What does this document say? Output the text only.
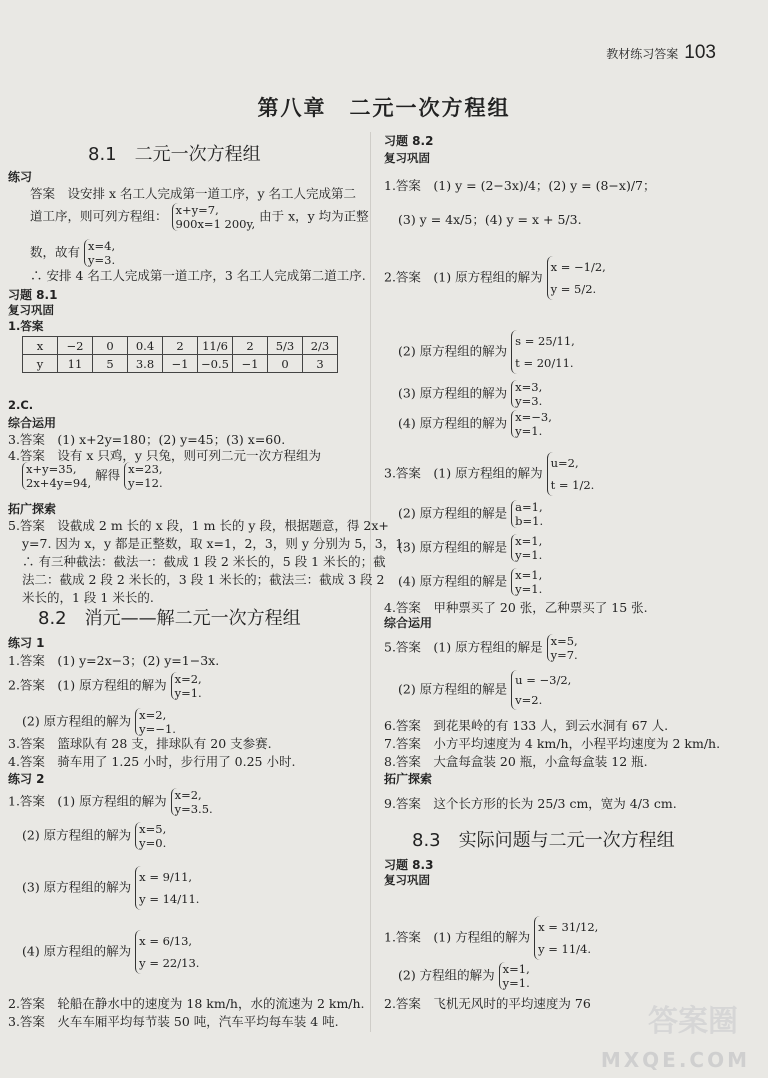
教材练习答案 103
第八章　二元一次方程组
8.1　二元一次方程组
练习
答案　设安排 x 名工人完成第一道工序，y 名工人完成第二
道工序，则可列方程组： x+y=7,
900x=1 200y, 由于 x，y 均为正整
数，故有 x=4,
y=3.
∴ 安排 4 名工人完成第一道工序，3 名工人完成第二道工序.
习题 8.1
复习巩固
1.答案
x	−2	0	0.4	2	11/6	2	5/3	2/3
y	11	5	3.8	−1	−0.5	−1	0	3
2.C.
综合运用
3.答案　(1) x+2y=180；(2) y=45；(3) x=60.
4.答案　设有 x 只鸡，y 只兔，则可列二元一次方程组为
x+y=35,
2x+4y=94, 解得 x=23,
y=12.
拓广探索
5.答案　设截成 2 m 长的 x 段，1 m 长的 y 段，根据题意，得 2x+
y=7. 因为 x，y 都是正整数，取 x=1，2，3，则 y 分别为 5，3，1.
∴ 有三种截法：截法一：截成 1 段 2 米长的，5 段 1 米长的；截
法二：截成 2 段 2 米长的，3 段 1 米长的；截法三：截成 3 段 2
米长的，1 段 1 米长的.
8.2　消元——解二元一次方程组
练习 1
1.答案　(1) y=2x−3；(2) y=1−3x.
2.答案　(1) 原方程组的解为 x=2,
y=1.
(2) 原方程组的解为 x=2,
y=−1.
3.答案　篮球队有 28 支，排球队有 20 支参赛.
4.答案　骑车用了 1.25 小时，步行用了 0.25 小时.
练习 2
1.答案　(1) 原方程组的解为 x=2,
y=3.5.
(2) 原方程组的解为 x=5,
y=0.
(3) 原方程组的解为 x = 9/11,
y = 14/11.
(4) 原方程组的解为 x = 6/13,
y = 22/13.
2.答案　轮船在静水中的速度为 18 km/h，水的流速为 2 km/h.
3.答案　火车车厢平均每节装 50 吨，汽车平均每车装 4 吨.
习题 8.2
复习巩固
1.答案　(1) y = (2−3x)/4；(2) y = (8−x)/7；
(3) y = 4x/5；(4) y = x + 5/3.
2.答案　(1) 原方程组的解为 x = −1/2,
y = 5/2.
(2) 原方程组的解为 s = 25/11,
t = 20/11.
(3) 原方程组的解为 x=3,
y=3.
(4) 原方程组的解为 x=−3,
y=1.
3.答案　(1) 原方程组的解为 u=2,
t = 1/2.
(2) 原方程组的解是 a=1,
b=1.
(3) 原方程组的解是 x=1,
y=1.
(4) 原方程组的解是 x=1,
y=1.
4.答案　甲种票买了 20 张，乙种票买了 15 张.
综合运用
5.答案　(1) 原方程组的解是 x=5,
y=7.
(2) 原方程组的解是 u = −3/2,
v=2.
6.答案　到花果岭的有 133 人，到云水洞有 67 人.
7.答案　小方平均速度为 4 km/h，小程平均速度为 2 km/h.
8.答案　大盒每盒装 20 瓶，小盒每盒装 12 瓶.
拓广探索
9.答案　这个长方形的长为 25/3 cm，宽为 4/3 cm.
8.3　实际问题与二元一次方程组
习题 8.3
复习巩固
1.答案　(1) 方程组的解为 x = 31/12,
y = 11/4.
(2) 方程组的解为 x=1,
y=1.
2.答案　飞机无风时的平均速度为 76
答案圈
MXQE.COM
